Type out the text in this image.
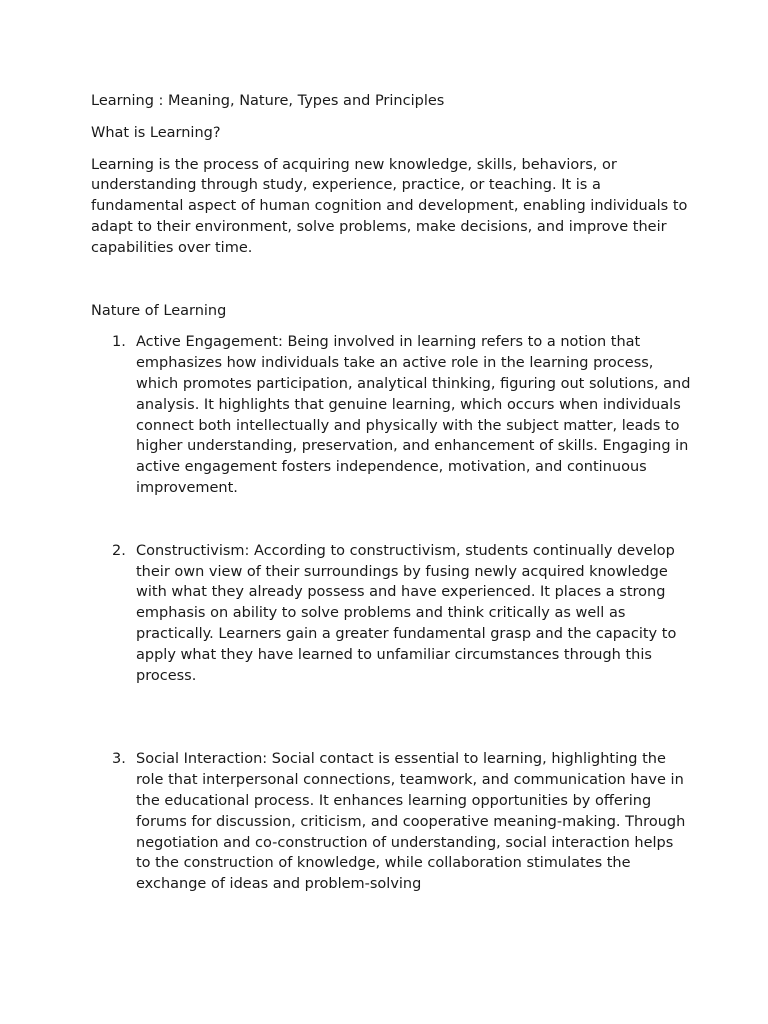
Learning : Meaning, Nature, Types and Principles

What is Learning?

Learning is the process of acquiring new knowledge, skills, behaviors, or understanding through study, experience, practice, or teaching. It is a fundamental aspect of human cognition and development, enabling individuals to adapt to their environment, solve problems, make decisions, and improve their capabilities over time.

Nature of Learning

1. Active Engagement: Being involved in learning refers to a notion that emphasizes how individuals take an active role in the learning process, which promotes participation, analytical thinking, figuring out solutions, and analysis. It highlights that genuine learning, which occurs when individuals connect both intellectually and physically with the subject matter, leads to higher understanding, preservation, and enhancement of skills. Engaging in active engagement fosters independence, motivation, and continuous improvement.
2. Constructivism: According to constructivism, students continually develop their own view of their surroundings by fusing newly acquired knowledge with what they already possess and have experienced. It places a strong emphasis on ability to solve problems and think critically as well as practically. Learners gain a greater fundamental grasp and the capacity to apply what they have learned to unfamiliar circumstances through this process.
3. Social Interaction: Social contact is essential to learning, highlighting the role that interpersonal connections, teamwork, and communication have in the educational process. It enhances learning opportunities by offering forums for discussion, criticism, and cooperative meaning-making. Through negotiation and co-construction of understanding, social interaction helps to the construction of knowledge, while collaboration stimulates the exchange of ideas and problem-solving
